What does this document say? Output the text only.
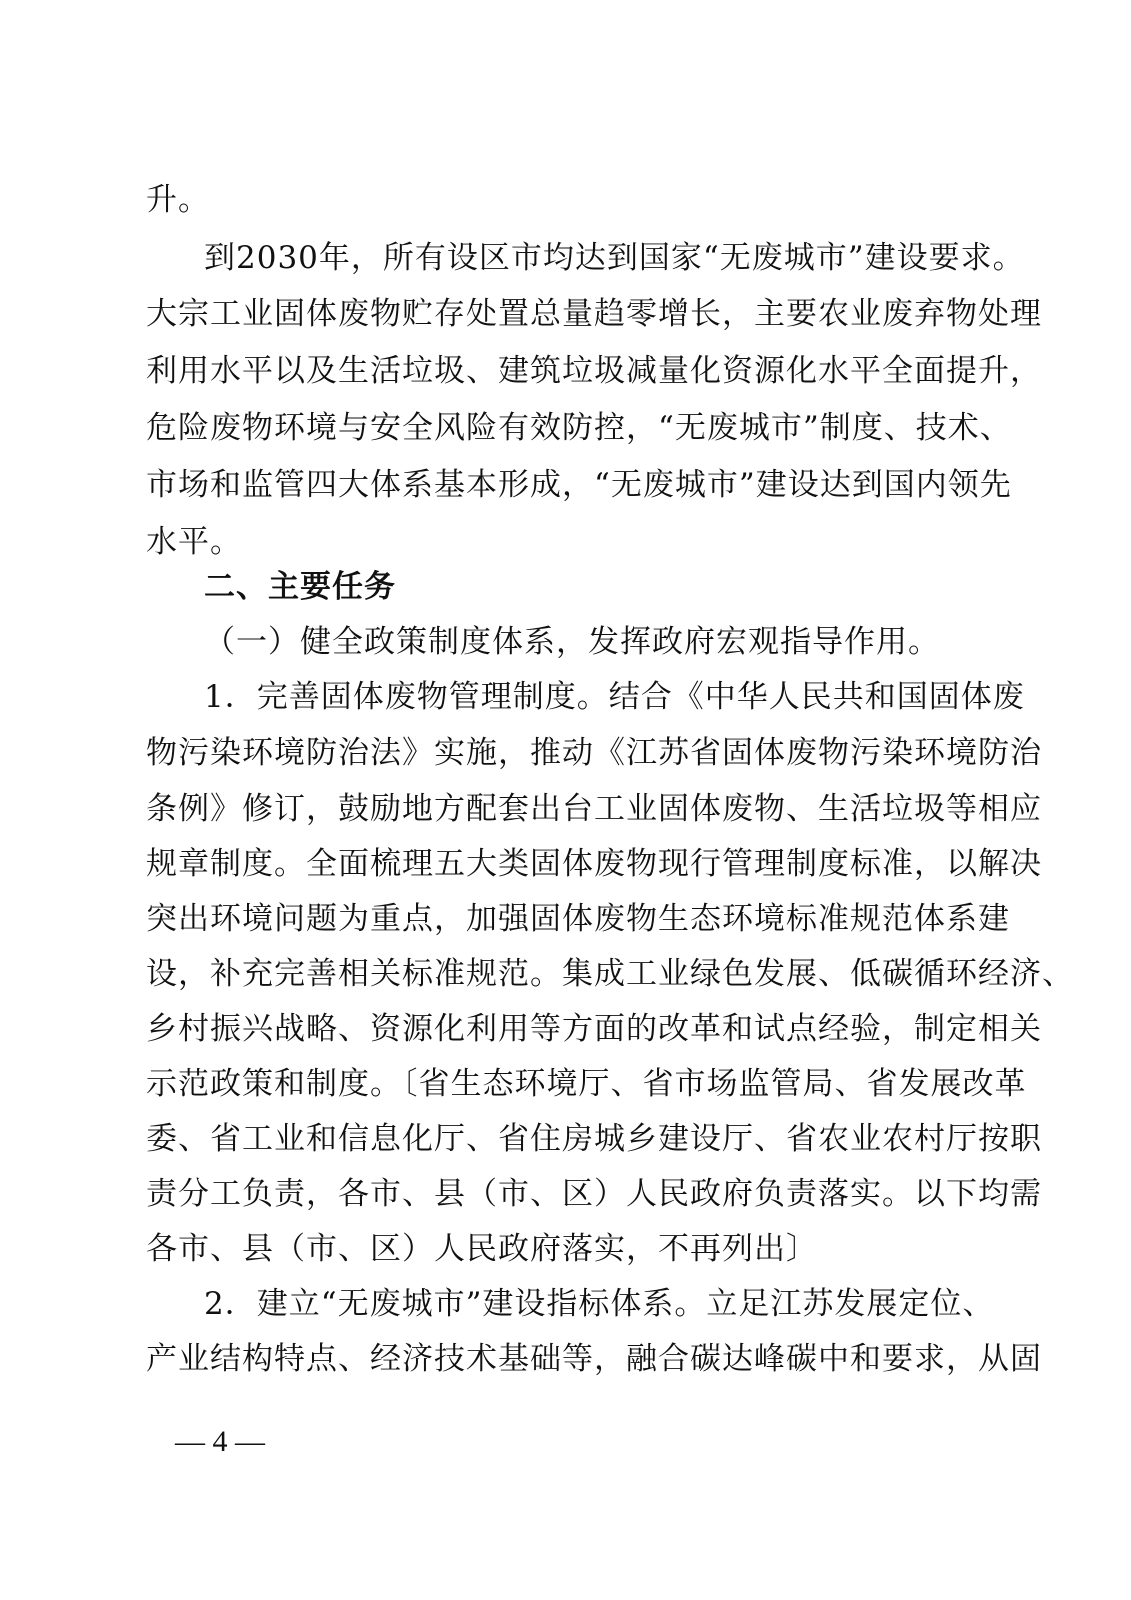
升。
到2030年，所有设区市均达到国家“无废城市”建设要求。
大宗工业固体废物贮存处置总量趋零增长，主要农业废弃物处理
利用水平以及生活垃圾、建筑垃圾减量化资源化水平全面提升，
危险废物环境与安全风险有效防控，“无废城市”制度、技术、
市场和监管四大体系基本形成，“无废城市”建设达到国内领先
水平。
二、主要任务
（一）健全政策制度体系，发挥政府宏观指导作用。
1．完善固体废物管理制度。结合《中华人民共和国固体废
物污染环境防治法》实施，推动《江苏省固体废物污染环境防治
条例》修订，鼓励地方配套出台工业固体废物、生活垃圾等相应
规章制度。全面梳理五大类固体废物现行管理制度标准，以解决
突出环境问题为重点，加强固体废物生态环境标准规范体系建
设，补充完善相关标准规范。集成工业绿色发展、低碳循环经济、
乡村振兴战略、资源化利用等方面的改革和试点经验，制定相关
示范政策和制度。〔省生态环境厅、省市场监管局、省发展改革
委、省工业和信息化厅、省住房城乡建设厅、省农业农村厅按职
责分工负责，各市、县（市、区）人民政府负责落实。以下均需
各市、县（市、区）人民政府落实，不再列出〕
2．建立“无废城市”建设指标体系。立足江苏发展定位、
产业结构特点、经济技术基础等，融合碳达峰碳中和要求，从固
— 4 —
